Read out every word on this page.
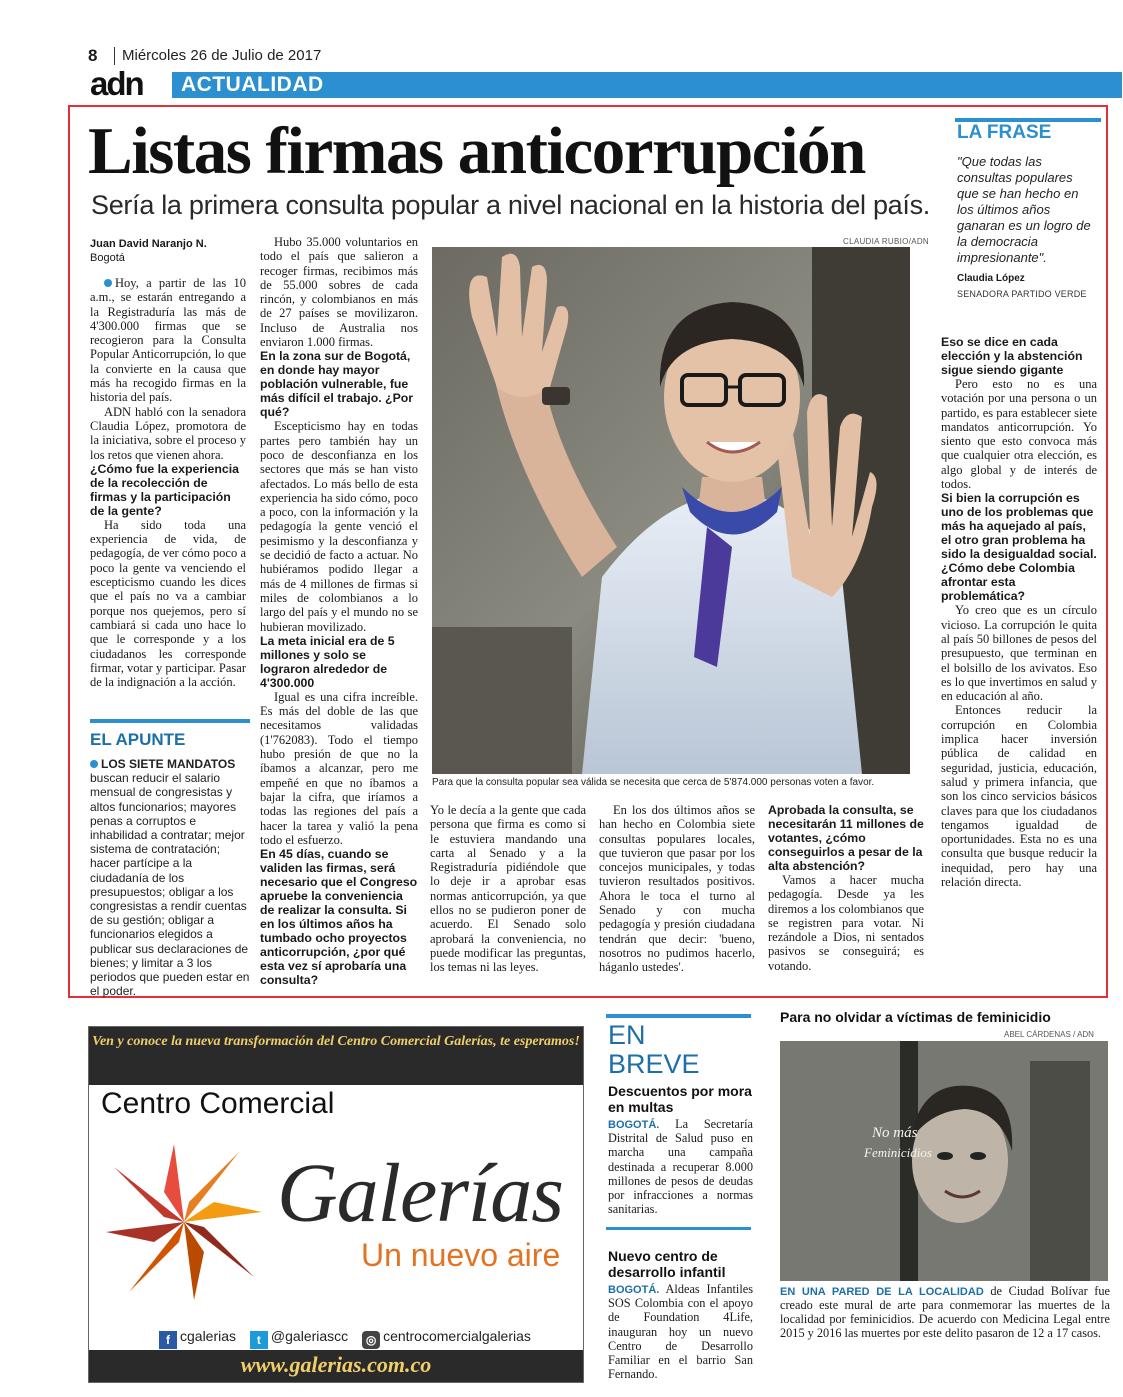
8 Miércoles 26 de Julio de 2017
adn ACTUALIDAD
Listas firmas anticorrupción
Sería la primera consulta popular a nivel nacional en la historia del país.
LA FRASE
"Que todas las consultas populares que se han hecho en los últimos años ganaran es un logro de la democracia impresionante".
Claudia López
SENADORA PARTIDO VERDE
Juan David Naranjo N.
Bogotá

Hoy, a partir de las 10 a.m., se estarán entregando a la Registraduría las más de 4'300.000 firmas que se recogieron para la Consulta Popular Anticorrupción, lo que la convierte en la causa que más ha recogido firmas en la historia del país.

ADN habló con la senadora Claudia López, promotora de la iniciativa, sobre el proceso y los retos que vienen ahora.

¿Cómo fue la experiencia de la recolección de firmas y la participación de la gente?

Ha sido toda una experiencia de vida, de pedagogía, de ver cómo poco a poco la gente va venciendo el escepticismo cuando les dices que el país no va a cambiar porque nos quejemos, pero sí cambiará si cada uno hace lo que le corresponde y a los ciudadanos les corresponde firmar, votar y participar. Pasar de la indignación a la acción.

EL APUNTE
LOS SIETE MANDATOS buscan reducir el salario mensual de congresistas y altos funcionarios; mayores penas a corruptos e inhabilidad a contratar; mejor sistema de contratación; hacer partícipe a la ciudadanía de los presupuestos; obligar a los congresistas a rendir cuentas de su gestión; obligar a funcionarios elegidos a publicar sus declaraciones de bienes; y limitar a 3 los periodos que pueden estar en el poder.

Hubo 35.000 voluntarios en todo el país que salieron a recoger firmas, recibimos más de 55.000 sobres de cada rincón, y colombianos en más de 27 países se movilizaron. Incluso de Australia nos enviaron 1.000 firmas.

En la zona sur de Bogotá, en donde hay mayor población vulnerable, fue más difícil el trabajo. ¿Por qué?

Escepticismo hay en todas partes pero también hay un poco de desconfianza en los sectores que más se han visto afectados. Lo más bello de esta experiencia ha sido cómo, poco a poco, con la información y la pedagogía la gente venció el pesimismo y la desconfianza y se decidió de facto a actuar. No hubiéramos podido llegar a más de 4 millones de firmas si miles de colombianos a lo largo del país y el mundo no se hubieran movilizado.

La meta inicial era de 5 millones y solo se lograron alrededor de 4'300.000

Igual es una cifra increíble. Es más del doble de las que necesitamos validadas (1'762083). Todo el tiempo hubo presión de que no la íbamos a alcanzar, pero me empeñé en que no íbamos a bajar la cifra, que iríamos a todas las regiones del país a hacer la tarea y valió la pena todo el esfuerzo.

En 45 días, cuando se validen las firmas, será necesario que el Congreso apruebe la conveniencia de realizar la consulta. Si en los últimos años ha tumbado ocho proyectos anticorrupción, ¿por qué esta vez sí aprobaría una consulta?

CLAUDIA RUBIO/ADN
Para que la consulta popular sea válida se necesita que cerca de 5'874.000 personas voten a favor.

Yo le decía a la gente que cada persona que firma es como si le estuviera mandando una carta al Senado y a la Registraduría pidiéndole que lo deje ir a aprobar esas normas anticorrupción, ya que ellos no se pudieron poner de acuerdo. El Senado solo aprobará la conveniencia, no puede modificar las preguntas, los temas ni las leyes.

En los dos últimos años se han hecho en Colombia siete consultas populares locales, que tuvieron que pasar por los concejos municipales, y todas tuvieron resultados positivos. Ahora le toca el turno al Senado y con mucha pedagogía y presión ciudadana tendrán que decir: 'bueno, nosotros no pudimos hacerlo, háganlo ustedes'.

Aprobada la consulta, se necesitarán 11 millones de votantes, ¿cómo conseguirlos a pesar de la alta abstención?

Vamos a hacer mucha pedagogía. Desde ya les diremos a los colombianos que se registren para votar. Ni rezándole a Dios, ni sentados pasivos se conseguirá; es votando.

Eso se dice en cada elección y la abstención sigue siendo gigante

Pero esto no es una votación por una persona o un partido, es para establecer siete mandatos anticorrupción. Yo siento que esto convoca más que cualquier otra elección, es algo global y de interés de todos.

Si bien la corrupción es uno de los problemas que más ha aquejado al país, el otro gran problema ha sido la desigualdad social. ¿Cómo debe Colombia afrontar esta problemática?

Yo creo que es un círculo vicioso. La corrupción le quita al país 50 billones de pesos del presupuesto, que terminan en el bolsillo de los avivatos. Eso es lo que invertimos en salud y en educación al año.

Entonces reducir la corrupción en Colombia implica hacer inversión pública de calidad en seguridad, justicia, educación, salud y primera infancia, que son los cinco servicios básicos claves para que los ciudadanos tengamos igualdad de oportunidades. Esta no es una consulta que busque reducir la inequidad, pero hay una relación directa.

Ven y conoce la nueva transformación del Centro Comercial Galerías, te esperamos!
Centro Comercial
Galerías
Un nuevo aire
f cgalerias t @galeriascc ◎ centrocomercialgalerias
www.galerias.com.co
EN
BREVE
Descuentos por mora en multas
BOGOTÁ. La Secretaría Distrital de Salud puso en marcha una campaña destinada a recuperar 8.000 millones de pesos de deudas por infracciones a normas sanitarias.
Nuevo centro de desarrollo infantil
BOGOTÁ. Aldeas Infantiles SOS Colombia con el apoyo de Foundation 4Life, inauguran hoy un nuevo Centro de Desarrollo Familiar en el barrio San Fernando.
Para no olvidar a víctimas de feminicidio
ABEL CÁRDENAS / ADN
No más
Feminicidios
EN UNA PARED DE LA LOCALIDAD de Ciudad Bolívar fue creado este mural de arte para conmemorar las muertes de la localidad por feminicidios. De acuerdo con Medicina Legal entre 2015 y 2016 las muertes por este delito pasaron de 12 a 17 casos.
